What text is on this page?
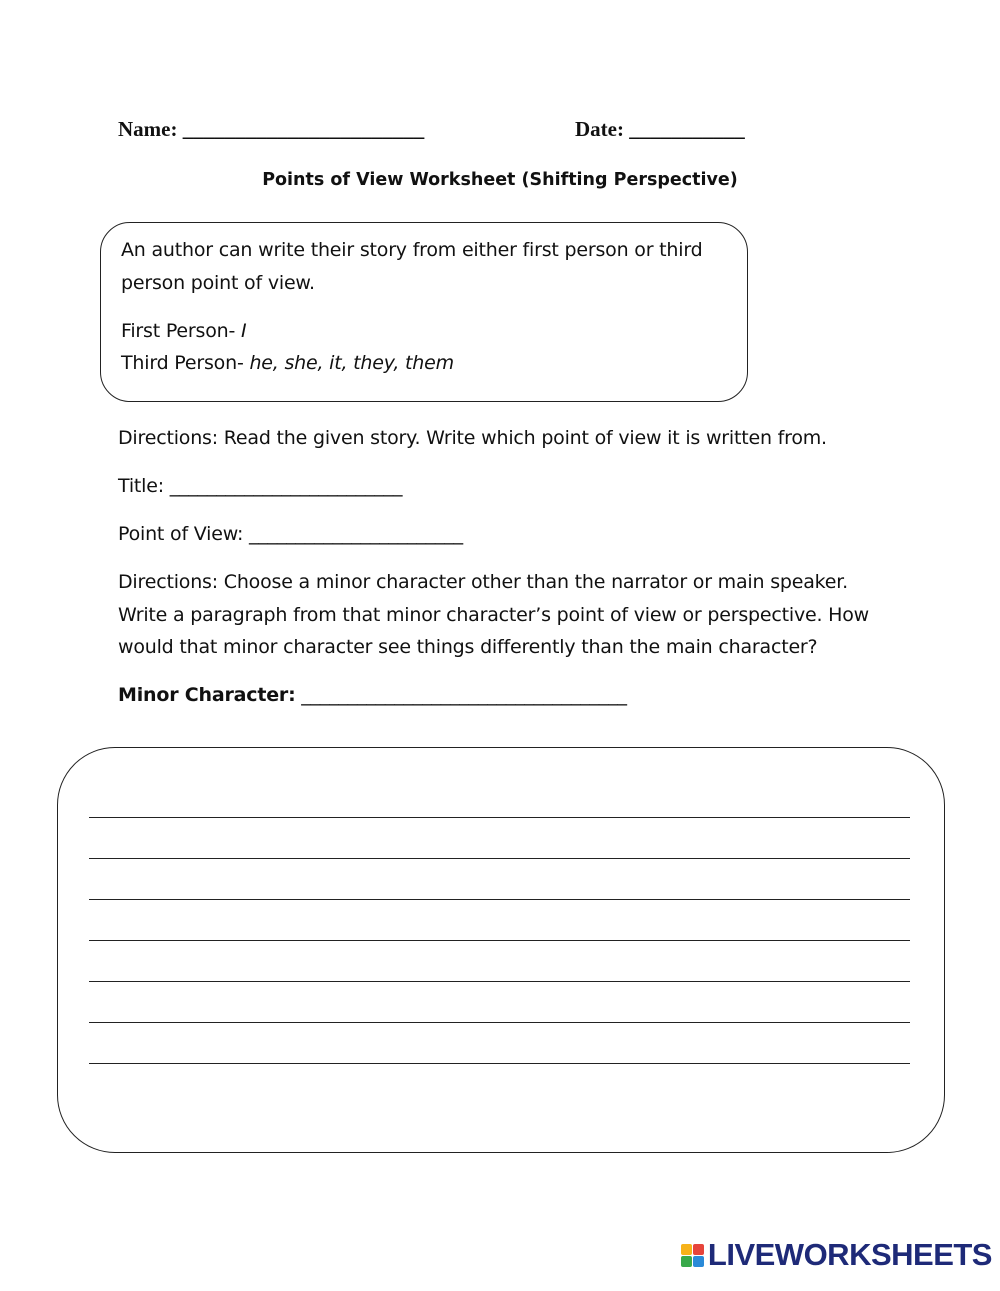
Name: _______________________	Date: ___________
Points of View Worksheet (Shifting Perspective)
An author can write their story from either first person or third
person point of view.
First Person- I
Third Person- he, she, it, they, them
Directions: Read the given story. Write which point of view it is written from.
Title: _________________________
Point of View: _______________________
Directions: Choose a minor character other than the narrator or main speaker.
Write a paragraph from that minor character’s point of view or perspective. How
would that minor character see things differently than the main character?
Minor Character: ___________________________________
LIVEWORKSHEETS
